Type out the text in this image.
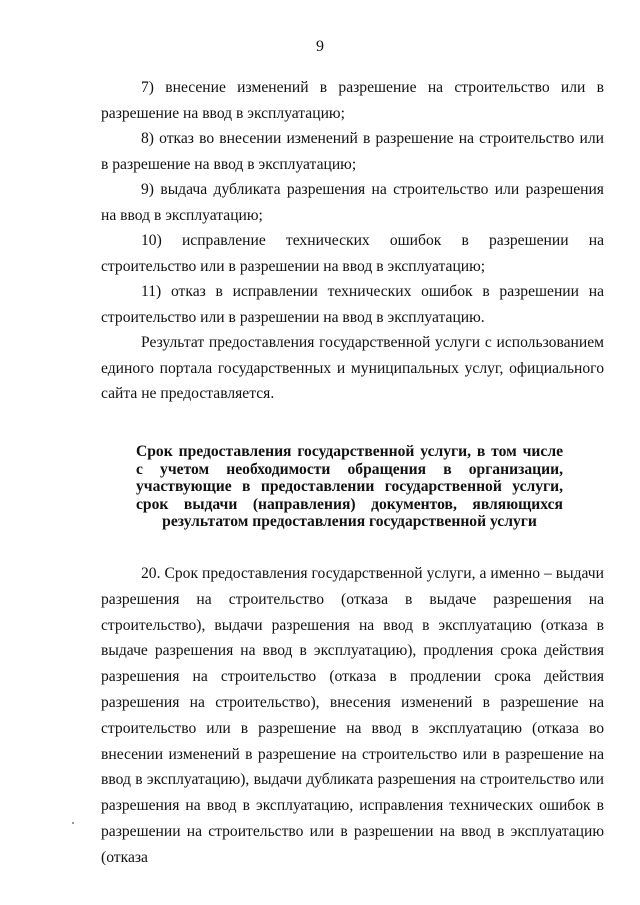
9

7) внесение изменений в разрешение на строительство или в разрешение на ввод в эксплуатацию;

8) отказ во внесении изменений в разрешение на строительство или в разрешение на ввод в эксплуатацию;

9) выдача дубликата разрешения на строительство или разрешения на ввод в эксплуатацию;

10) исправление технических ошибок в разрешении на строительство или в разрешении на ввод в эксплуатацию;

11) отказ в исправлении технических ошибок в разрешении на строительство или в разрешении на ввод в эксплуатацию.

Результат предоставления государственной услуги с использованием единого портала государственных и муниципальных услуг, официального сайта не предоставляется.

Срок предоставления государственной услуги, в том числе
с учетом необходимости обращения в организации,
участвующие в предоставлении государственной услуги,
срок выдачи (направления) документов, являющихся
результатом предоставления государственной услуги

20. Срок предоставления государственной услуги, а именно – выдачи разрешения на строительство (отказа в выдаче разрешения на строительство), выдачи разрешения на ввод в эксплуатацию (отказа в выдаче разрешения на ввод в эксплуатацию), продления срока действия разрешения на строительство (отказа в продлении срока действия разрешения на строительство), внесения изменений в разрешение на строительство или в разрешение на ввод в эксплуатацию (отказа во внесении изменений в разрешение на строительство или в разрешение на ввод в эксплуатацию), выдачи дубликата разрешения на строительство или разрешения на ввод в эксплуатацию, исправления технических ошибок в разрешении на строительство или в разрешении на ввод в эксплуатацию (отказа
